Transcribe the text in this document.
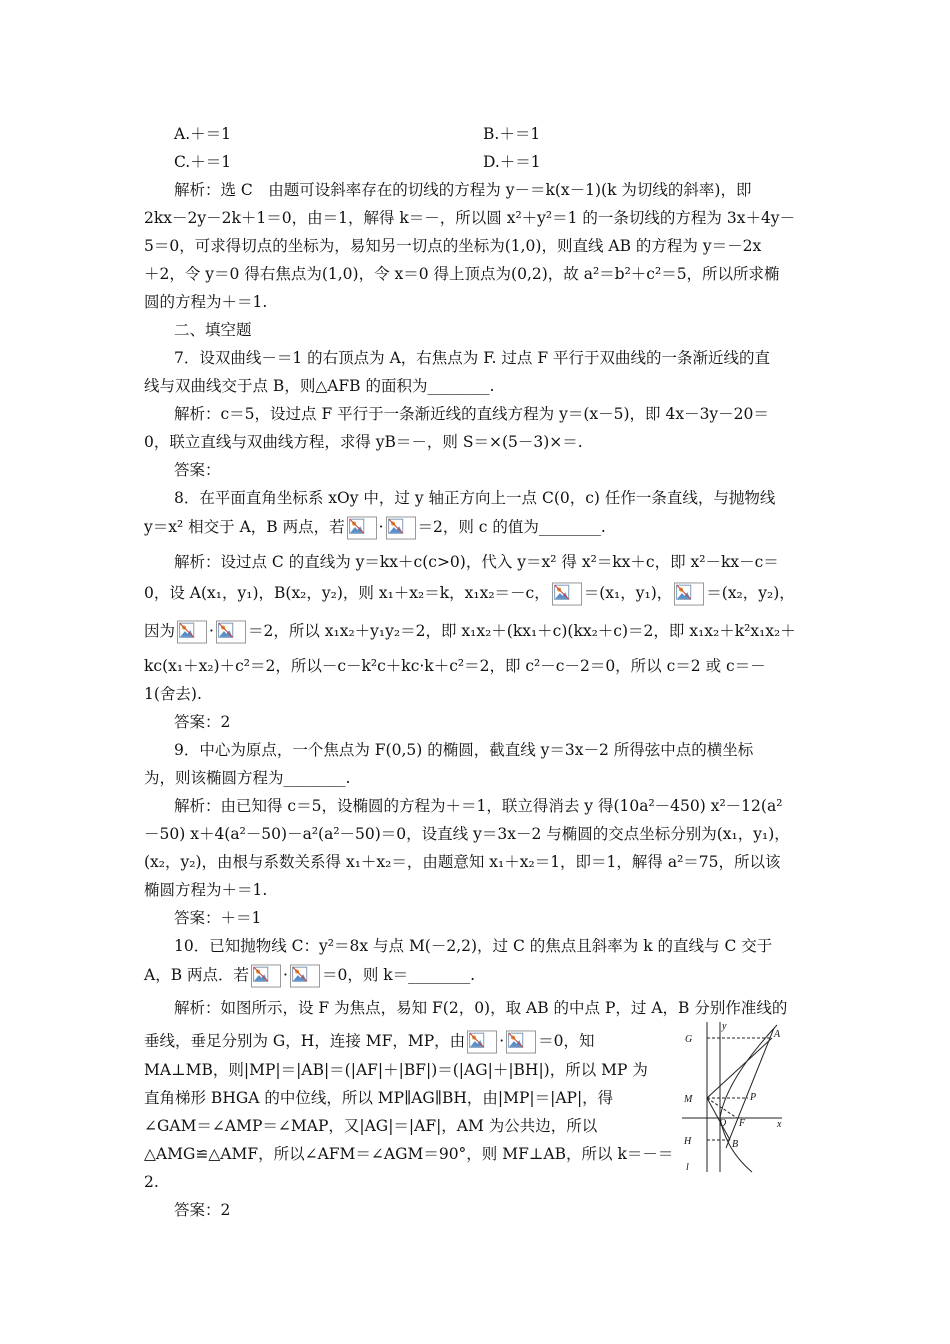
A.＋＝1	B.＋＝1
C.＋＝1	D.＋＝1
解析：选 C　由题可设斜率存在的切线的方程为 y－＝k(x－1)(k 为切线的斜率)，即
2kx－2y－2k＋1＝0，由＝1，解得 k＝－，所以圆 x²＋y²＝1 的一条切线的方程为 3x＋4y－
5＝0，可求得切点的坐标为，易知另一切点的坐标为(1,0)，则直线 AB 的方程为 y＝－2x
＋2，令 y＝0 得右焦点为(1,0)，令 x＝0 得上顶点为(0,2)，故 a²＝b²＋c²＝5，所以所求椭
圆的方程为＋＝1.
二、填空题
7．设双曲线－＝1 的右顶点为 A，右焦点为 F. 过点 F 平行于双曲线的一条渐近线的直
线与双曲线交于点 B，则△AFB 的面积为________.
解析：c＝5，设过点 F 平行于一条渐近线的直线方程为 y＝(x－5)，即 4x－3y－20＝
0，联立直线与双曲线方程，求得 yB＝－，则 S＝×(5－3)×＝.
答案：
8．在平面直角坐标系 xOy 中，过 y 轴正方向上一点 C(0，c) 任作一条直线，与抛物线
y＝x² 相交于 A，B 两点，若 · ＝2，则 c 的值为________.
解析：设过点 C 的直线为 y＝kx＋c(c>0)，代入 y＝x² 得 x²＝kx＋c，即 x²－kx－c＝
0，设 A(x₁，y₁)，B(x₂，y₂)，则 x₁＋x₂＝k，x₁x₂＝－c， ＝(x₁，y₁)， ＝(x₂，y₂)，
因为 · ＝2，所以 x₁x₂＋y₁y₂＝2，即 x₁x₂＋(kx₁＋c)(kx₂＋c)＝2，即 x₁x₂＋k²x₁x₂＋
kc(x₁＋x₂)＋c²＝2，所以－c－k²c＋kc·k＋c²＝2，即 c²－c－2＝0，所以 c＝2 或 c＝－
1(舍去).
答案：2
9．中心为原点，一个焦点为 F(0,5) 的椭圆，截直线 y＝3x－2 所得弦中点的横坐标
为，则该椭圆方程为________.
解析：由已知得 c＝5，设椭圆的方程为＋＝1，联立得消去 y 得(10a²－450) x²－12(a²
－50) x＋4(a²－50)－a²(a²－50)＝0，设直线 y＝3x－2 与椭圆的交点坐标分别为(x₁，y₁)，
(x₂，y₂)，由根与系数关系得 x₁＋x₂＝，由题意知 x₁＋x₂＝1，即＝1，解得 a²＝75，所以该
椭圆方程为＋＝1.
答案：＋＝1
10．已知抛物线 C：y²＝8x 与点 M(－2,2)，过 C 的焦点且斜率为 k 的直线与 C 交于
A，B 两点．若 · ＝0，则 k＝________.
解析：如图所示，设 F 为焦点，易知 F(2，0)，取 AB 的中点 P，过 A，B 分别作准线的
垂线，垂足分别为 G，H，连接 MF，MP，由 · ＝0，知
MA⊥MB，则|MP|＝|AB|＝(|AF|＋|BF|)＝(|AG|＋|BH|)，所以 MP 为
直角梯形 BHGA 的中位线，所以 MP∥AG∥BH，由|MP|＝|AP|，得
∠GAM＝∠AMP＝∠MAP，又|AG|＝|AF|，AM 为公共边，所以
△AMG≌△AMF，所以∠AFM＝∠AGM＝90°，则 MF⊥AB，所以 k＝－＝
2.
答案：2
y
A
G
M	P
O F	x
H	B
l
